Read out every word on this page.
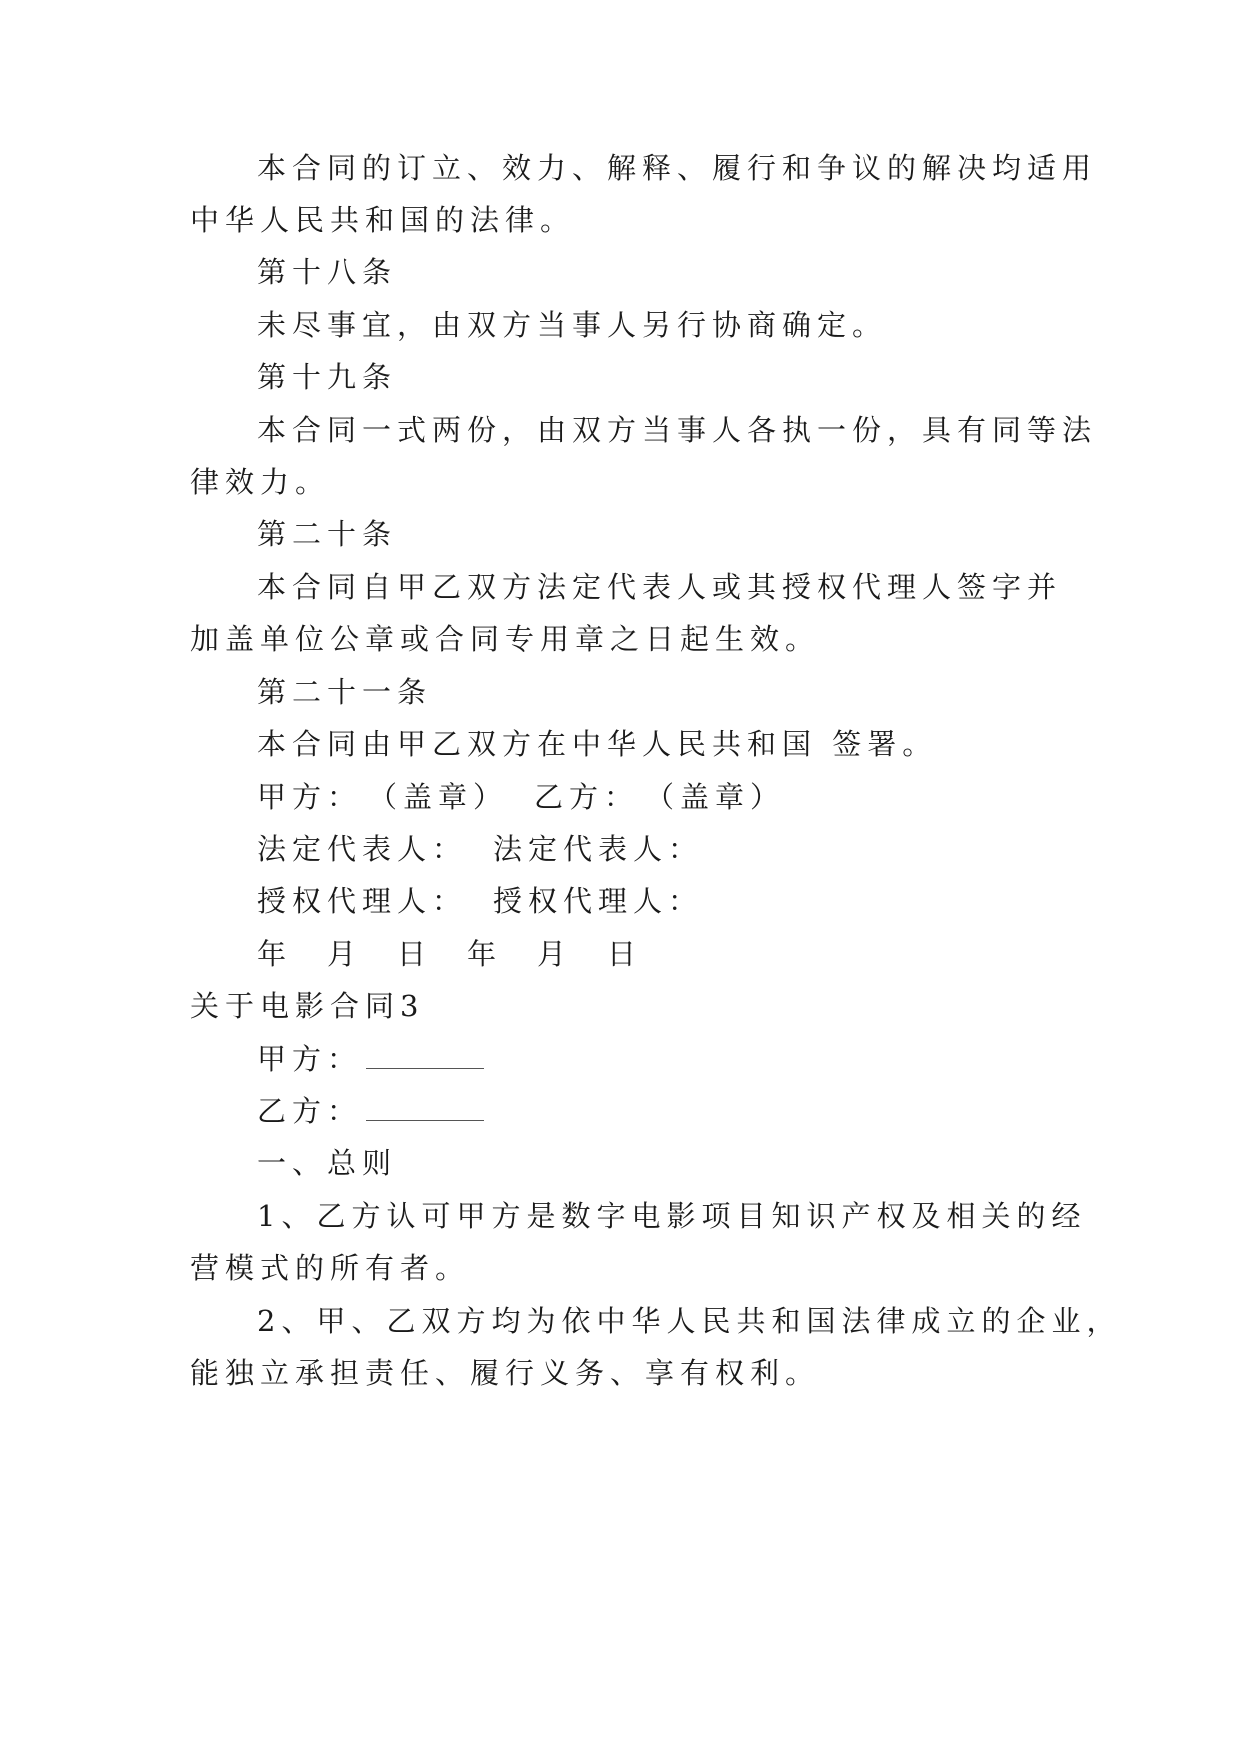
本合同的订立、效力、解释、履行和争议的解决均适用
中华人民共和国的法律。
第十八条
未尽事宜，由双方当事人另行协商确定。
第十九条
本合同一式两份，由双方当事人各执一份，具有同等法
律效力。
第二十条
本合同自甲乙双方法定代表人或其授权代理人签字并
加盖单位公章或合同专用章之日起生效。
第二十一条
本合同由甲乙双方在中华人民共和国 签署。
甲方：　（盖章） 乙方：　（盖章）
法定代表人： 法定代表人：
授权代理人： 授权代理人：
年　月　日　 年　月　日
关于电影合同3
甲方：
乙方：
一、总则
1、乙方认可甲方是数字电影项目知识产权及相关的经
营模式的所有者。
2、甲、乙双方均为依中华人民共和国法律成立的企业，
能独立承担责任、履行义务、享有权利。
